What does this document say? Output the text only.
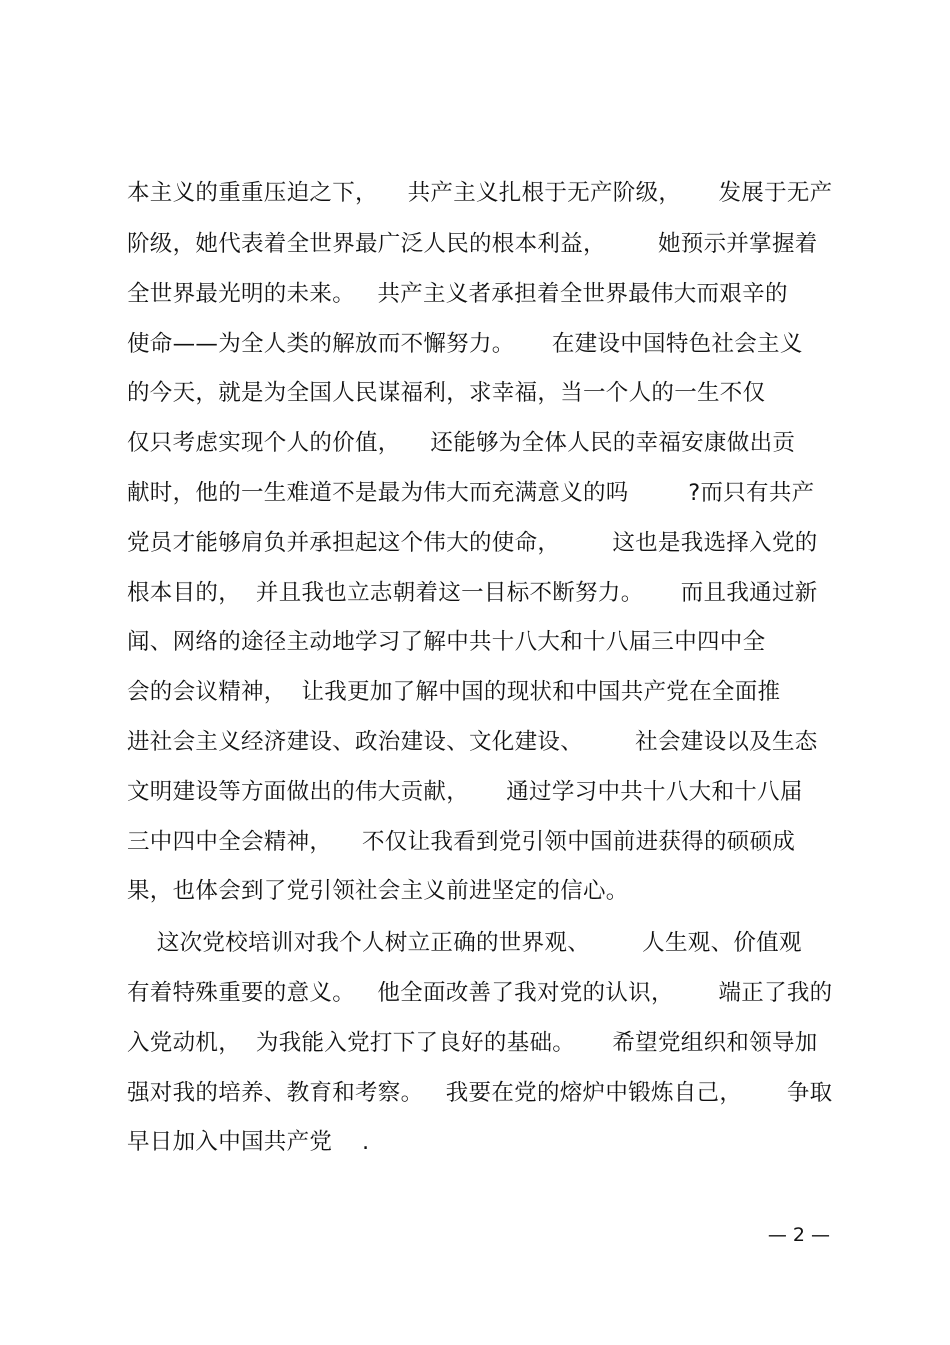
本主义的重重压迫之下，    共产主义扎根于无产阶级，     发展于无产
阶级，她代表着全世界最广泛人民的根本利益，       她预示并掌握着
全世界最光明的未来。   共产主义者承担着全世界最伟大而艰辛的
使命——为全人类的解放而不懈努力。     在建设中国特色社会主义
的今天，就是为全国人民谋福利，求幸福，当一个人的一生不仅
仅只考虑实现个人的价值，    还能够为全体人民的幸福安康做出贡
献时，他的一生难道不是最为伟大而充满意义的吗        ?而只有共产
党员才能够肩负并承担起这个伟大的使命，       这也是我选择入党的
根本目的，  并且我也立志朝着这一目标不断努力。     而且我通过新
闻、网络的途径主动地学习了解中共十八大和十八届三中四中全
会的会议精神，  让我更加了解中国的现状和中国共产党在全面推
进社会主义经济建设、政治建设、文化建设、       社会建设以及生态
文明建设等方面做出的伟大贡献，     通过学习中共十八大和十八届
三中四中全会精神，    不仅让我看到党引领中国前进获得的硕硕成
果，也体会到了党引领社会主义前进坚定的信心。
这次党校培训对我个人树立正确的世界观、       人生观、价值观
有着特殊重要的意义。   他全面改善了我对党的认识，      端正了我的
入党动机，  为我能入党打下了良好的基础。     希望党组织和领导加
强对我的培养、教育和考察。   我要在党的熔炉中锻炼自己，      争取
早日加入中国共产党    .
— 2 —
